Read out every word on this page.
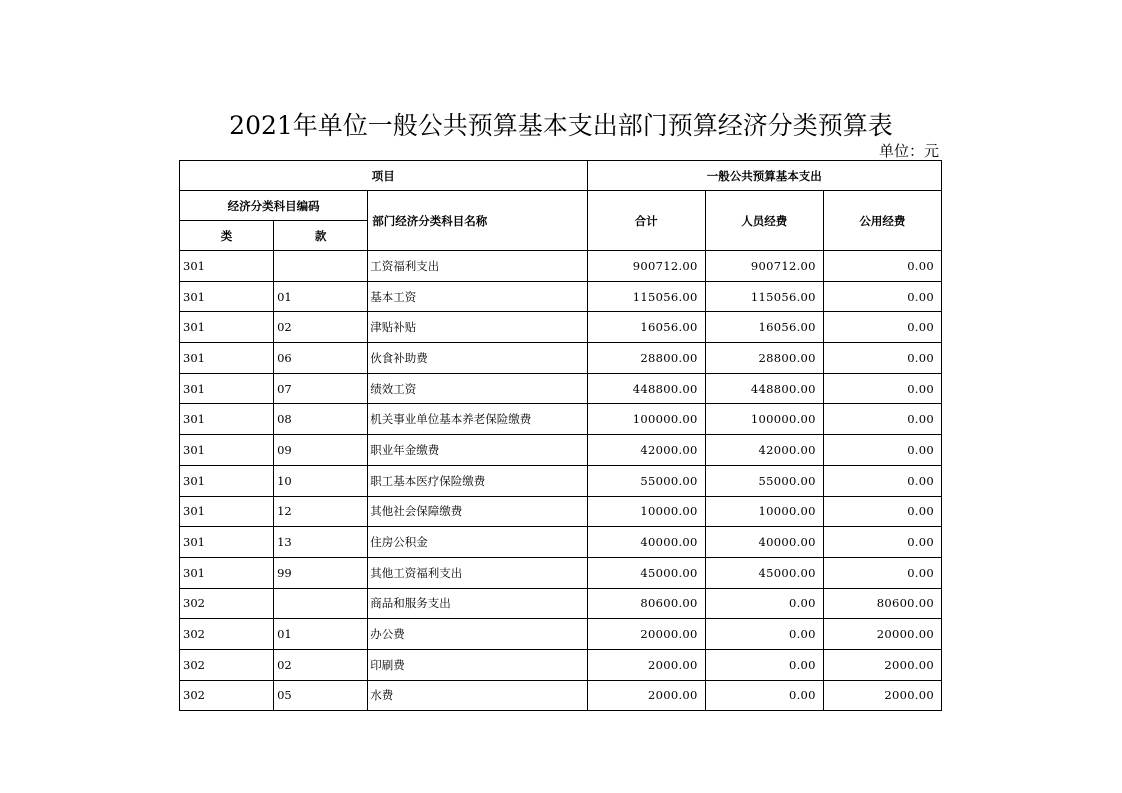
2021年单位一般公共预算基本支出部门预算经济分类预算表
单位：元
项目			一般公共预算基本支出		
经济分类科目编码		部门经济分类科目名称	合计	人员经费	公用经费
类	款				
301		工资福利支出	900712.00	900712.00	0.00
301	01	基本工资	115056.00	115056.00	0.00
301	02	津贴补贴	16056.00	16056.00	0.00
301	06	伙食补助费	28800.00	28800.00	0.00
301	07	绩效工资	448800.00	448800.00	0.00
301	08	机关事业单位基本养老保险缴费	100000.00	100000.00	0.00
301	09	职业年金缴费	42000.00	42000.00	0.00
301	10	职工基本医疗保险缴费	55000.00	55000.00	0.00
301	12	其他社会保障缴费	10000.00	10000.00	0.00
301	13	住房公积金	40000.00	40000.00	0.00
301	99	其他工资福利支出	45000.00	45000.00	0.00
302		商品和服务支出	80600.00	0.00	80600.00
302	01	办公费	20000.00	0.00	20000.00
302	02	印刷费	2000.00	0.00	2000.00
302	05	水费	2000.00	0.00	2000.00
